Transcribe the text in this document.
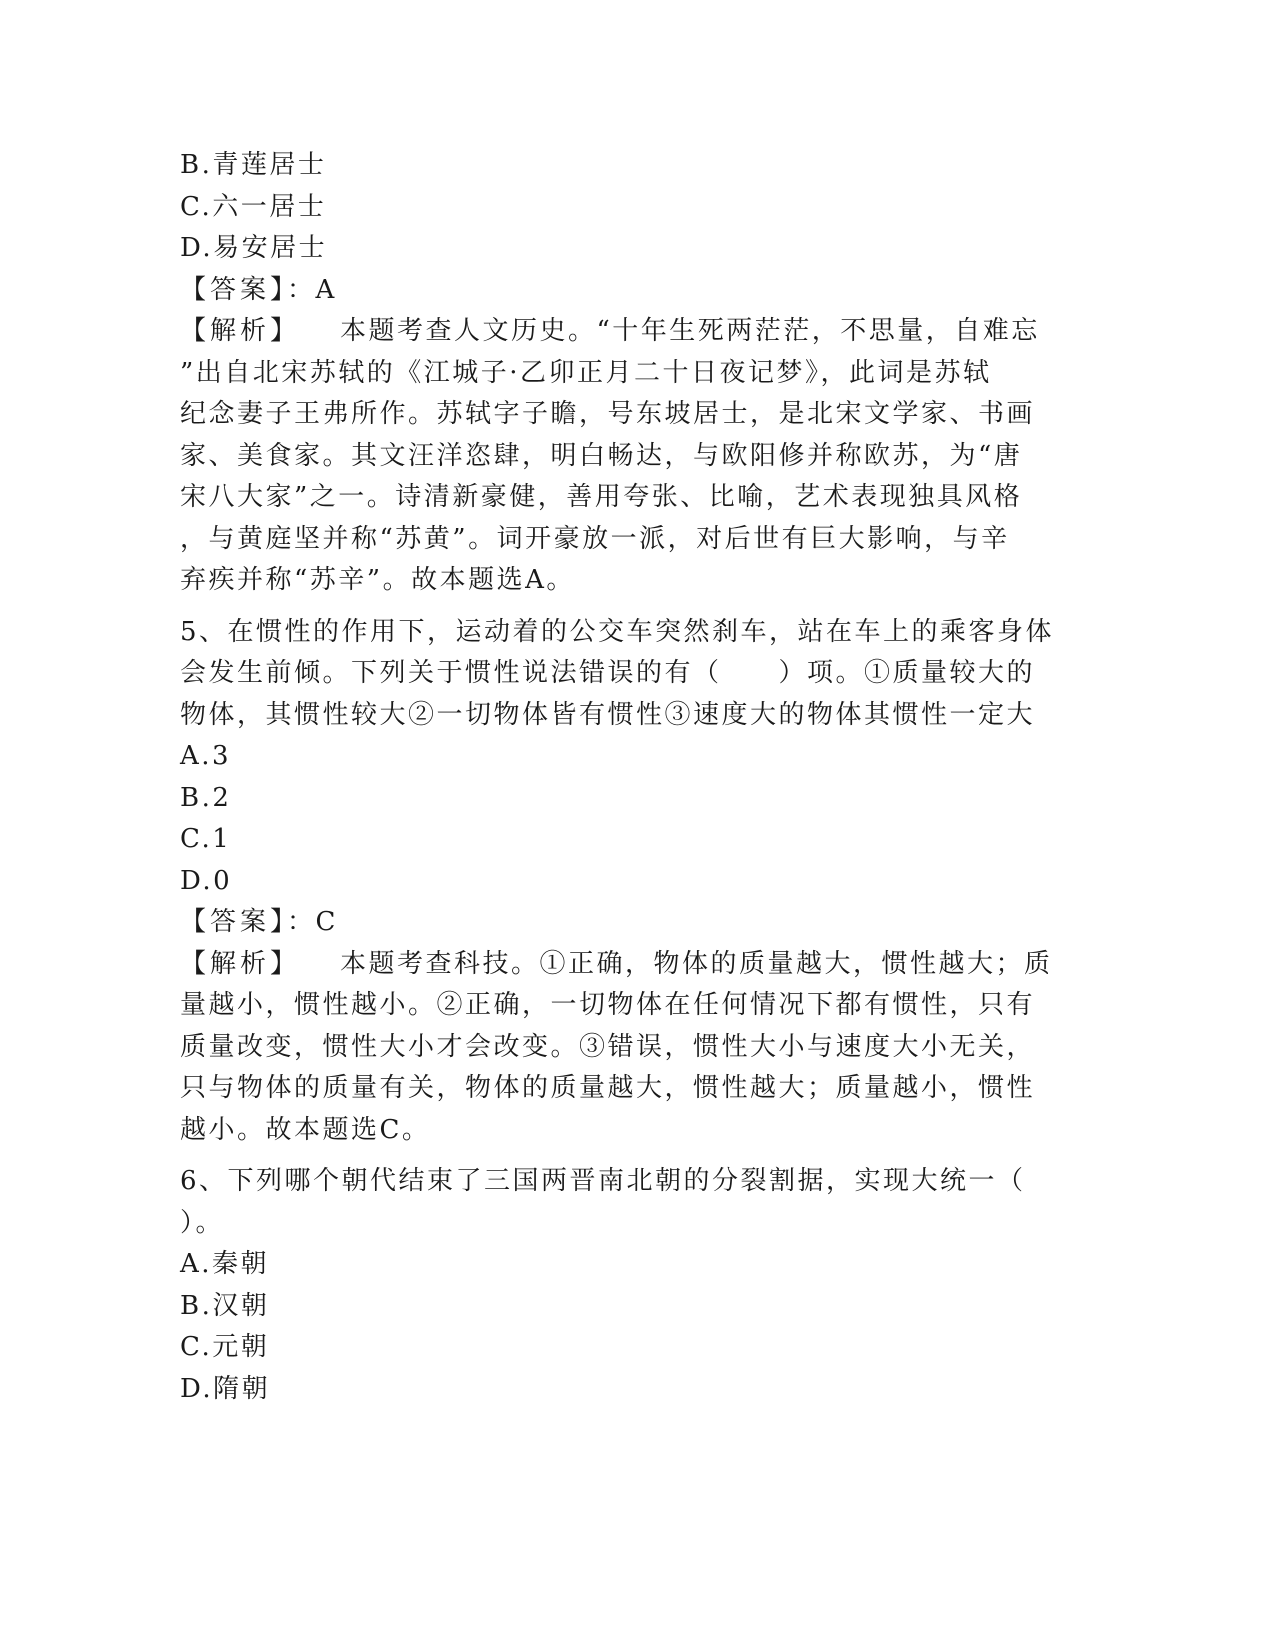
B.青莲居士
C.六一居士
D.易安居士
【答案】：A
【解析】 本题考查人文历史。“十年生死两茫茫，不思量，自难忘
”出自北宋苏轼的《江城子·乙卯正月二十日夜记梦》，此词是苏轼
纪念妻子王弗所作。苏轼字子瞻，号东坡居士，是北宋文学家、书画
家、美食家。其文汪洋恣肆，明白畅达，与欧阳修并称欧苏，为“唐
宋八大家”之一。诗清新豪健，善用夸张、比喻，艺术表现独具风格
，与黄庭坚并称“苏黄”。词开豪放一派，对后世有巨大影响，与辛
弃疾并称“苏辛”。故本题选A。
5、在惯性的作用下，运动着的公交车突然刹车，站在车上的乘客身体
会发生前倾。下列关于惯性说法错误的有（　　）项。①质量较大的
物体，其惯性较大②一切物体皆有惯性③速度大的物体其惯性一定大
A.3
B.2
C.1
D.0
【答案】：C
【解析】 本题考查科技。①正确，物体的质量越大，惯性越大；质
量越小，惯性越小。②正确，一切物体在任何情况下都有惯性，只有
质量改变，惯性大小才会改变。③错误，惯性大小与速度大小无关，
只与物体的质量有关，物体的质量越大，惯性越大；质量越小，惯性
越小。故本题选C。
6、下列哪个朝代结束了三国两晋南北朝的分裂割据，实现大统一（
）。
A.秦朝
B.汉朝
C.元朝
D.隋朝
